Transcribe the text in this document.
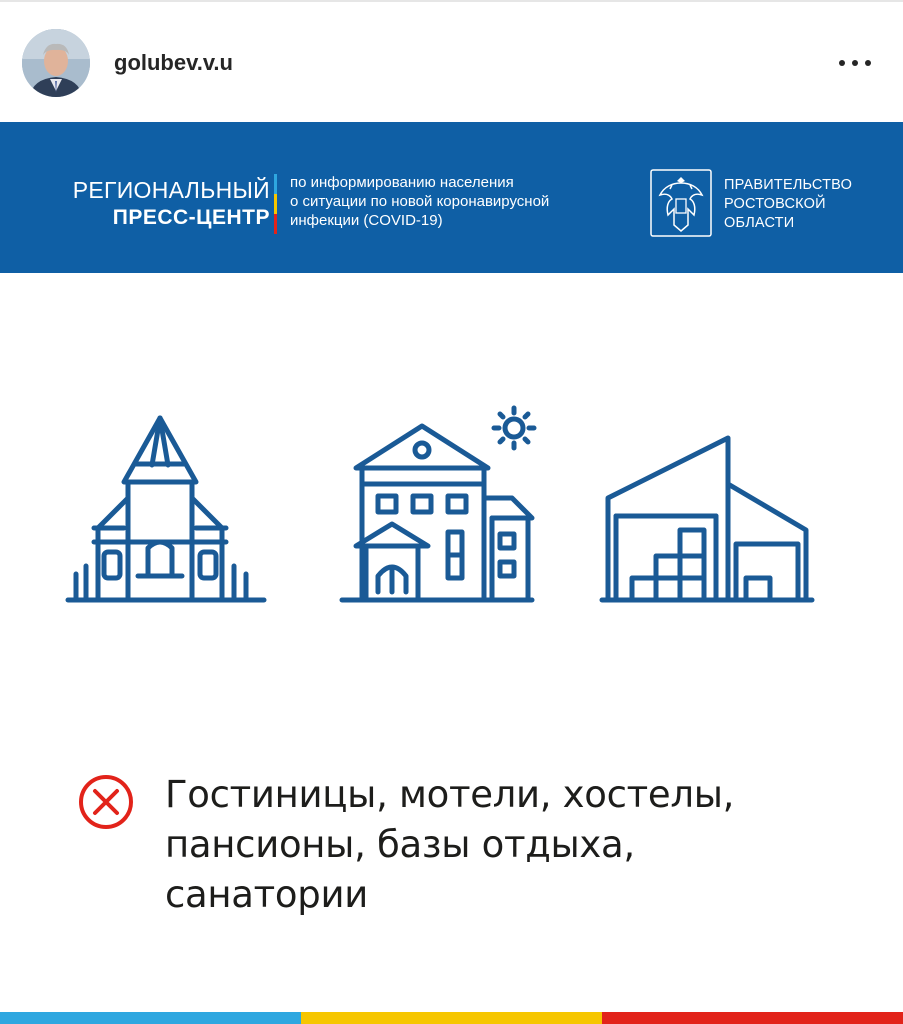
golubev.v.u
РЕГИОНАЛЬНЫЙ
ПРЕСС-ЦЕНТР
по информированию населения
о ситуации по новой коронавирусной
инфекции (COVID-19)
ПРАВИТЕЛЬСТВО
РОСТОВСКОЙ
ОБЛАСТИ
Гостиницы, мотели, хостелы,
пансионы, базы отдыха,
санатории
